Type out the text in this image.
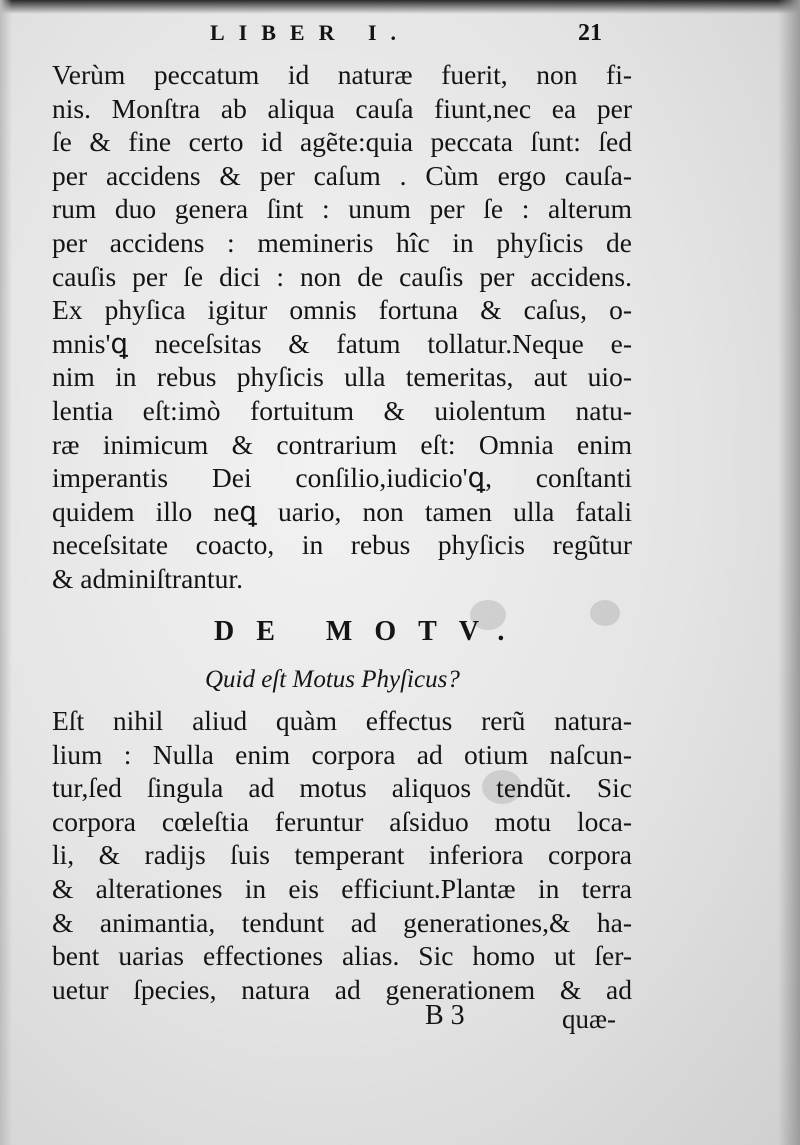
LIBER I.	21
Verùm peccatum id naturæ fuerit, non fi-
nis. Monſtra ab aliqua cauſa fiunt,nec ea per
ſe & fine certo id agẽte:quia peccata ſunt: ſed
per accidens & per caſum . Cùm ergo cauſa-
rum duo genera ſint : unum per ſe : alterum
per accidens : memineris hîc in phyſicis de
cauſis per ſe dici : non de cauſis per accidens.
Ex phyſica igitur omnis fortuna & caſus, o-
mnis'ꝗ neceſsitas & fatum tollatur.Neque e-
nim in rebus phyſicis ulla temeritas, aut uio-
lentia eſt:imò fortuitum & uiolentum natu-
ræ inimicum & contrarium eſt: Omnia enim
imperantis Dei conſilio,iudicio'ꝗ, conſtanti
quidem illo neꝗ uario, non tamen ulla fatali
neceſsitate coacto, in rebus phyſicis regũtur
& adminiſtrantur.
DE MOTV.
Quid eſt Motus Phyſicus?
Eſt nihil aliud quàm effectus rerũ natura-
lium : Nulla enim corpora ad otium naſcun-
tur,ſed ſingula ad motus aliquos tendũt. Sic
corpora cœleſtia feruntur aſsiduo motu loca-
li, & radijs ſuis temperant inferiora corpora
& alterationes in eis efficiunt.Plantæ in terra
& animantia, tendunt ad generationes,& ha-
bent uarias effectiones alias. Sic homo ut ſer-
uetur ſpecies, natura ad generationem & ad
B 3	quæ-
